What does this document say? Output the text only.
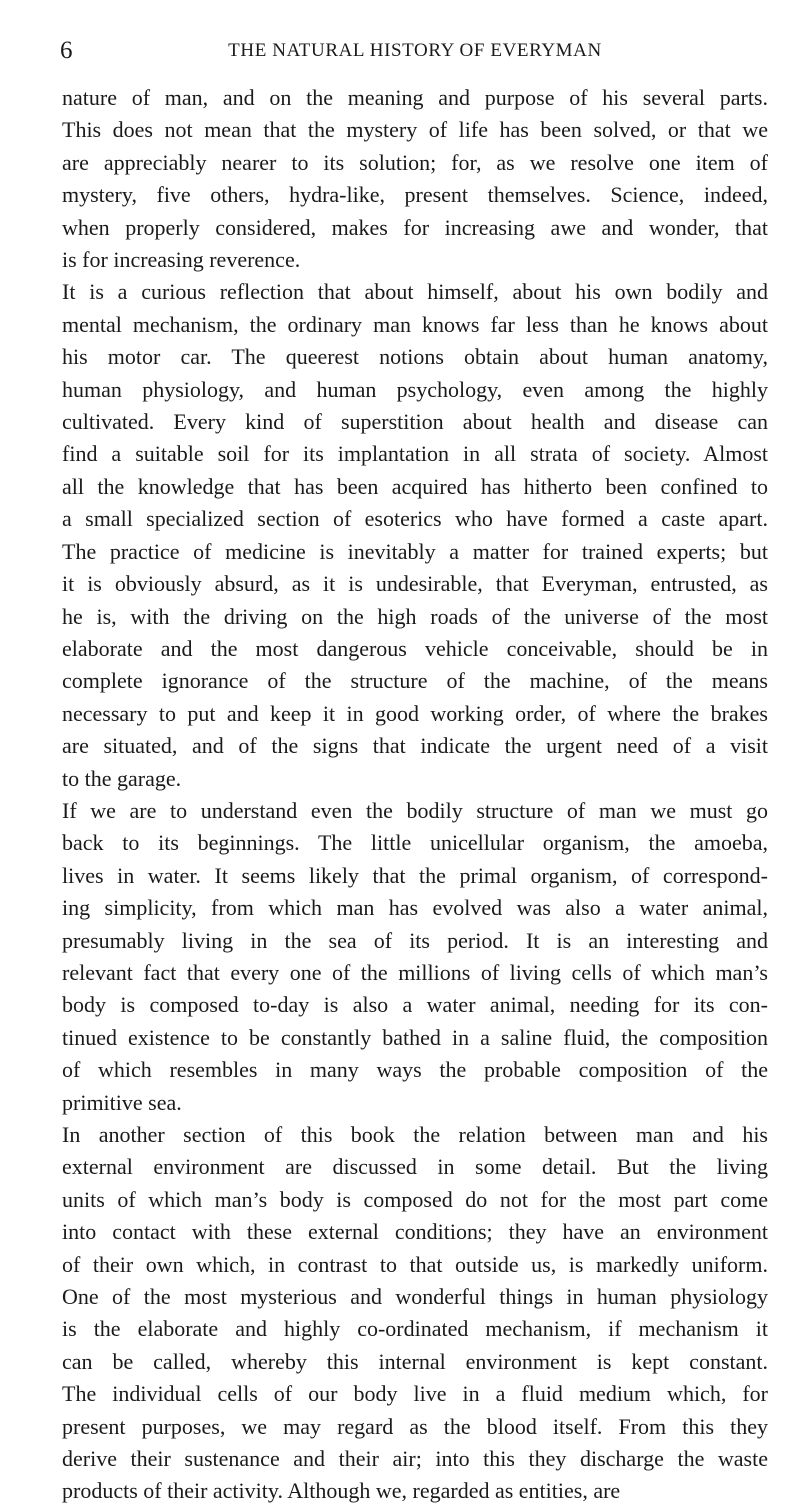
6	THE NATURAL HISTORY OF EVERYMAN

nature of man, and on the meaning and purpose of his several parts.
This does not mean that the mystery of life has been solved, or that we
are appreciably nearer to its solution; for, as we resolve one item of
mystery, five others, hydra-like, present themselves. Science, indeed,
when properly considered, makes for increasing awe and wonder, that
is for increasing reverence.

It is a curious reflection that about himself, about his own bodily and
mental mechanism, the ordinary man knows far less than he knows about
his motor car. The queerest notions obtain about human anatomy,
human physiology, and human psychology, even among the highly
cultivated. Every kind of superstition about health and disease can
find a suitable soil for its implantation in all strata of society. Almost
all the knowledge that has been acquired has hitherto been confined to
a small specialized section of esoterics who have formed a caste apart.
The practice of medicine is inevitably a matter for trained experts; but
it is obviously absurd, as it is undesirable, that Everyman, entrusted, as
he is, with the driving on the high roads of the universe of the most
elaborate and the most dangerous vehicle conceivable, should be in
complete ignorance of the structure of the machine, of the means
necessary to put and keep it in good working order, of where the brakes
are situated, and of the signs that indicate the urgent need of a visit
to the garage.

If we are to understand even the bodily structure of man we must go
back to its beginnings. The little unicellular organism, the amoeba,
lives in water. It seems likely that the primal organism, of correspond-
ing simplicity, from which man has evolved was also a water animal,
presumably living in the sea of its period. It is an interesting and
relevant fact that every one of the millions of living cells of which man’s
body is composed to-day is also a water animal, needing for its con-
tinued existence to be constantly bathed in a saline fluid, the composition
of which resembles in many ways the probable composition of the
primitive sea.

In another section of this book the relation between man and his
external environment are discussed in some detail. But the living
units of which man’s body is composed do not for the most part come
into contact with these external conditions; they have an environment
of their own which, in contrast to that outside us, is markedly uniform.
One of the most mysterious and wonderful things in human physiology
is the elaborate and highly co-ordinated mechanism, if mechanism it
can be called, whereby this internal environment is kept constant.
The individual cells of our body live in a fluid medium which, for
present purposes, we may regard as the blood itself. From this they
derive their sustenance and their air; into this they discharge the waste
products of their activity. Although we, regarded as entities, are
